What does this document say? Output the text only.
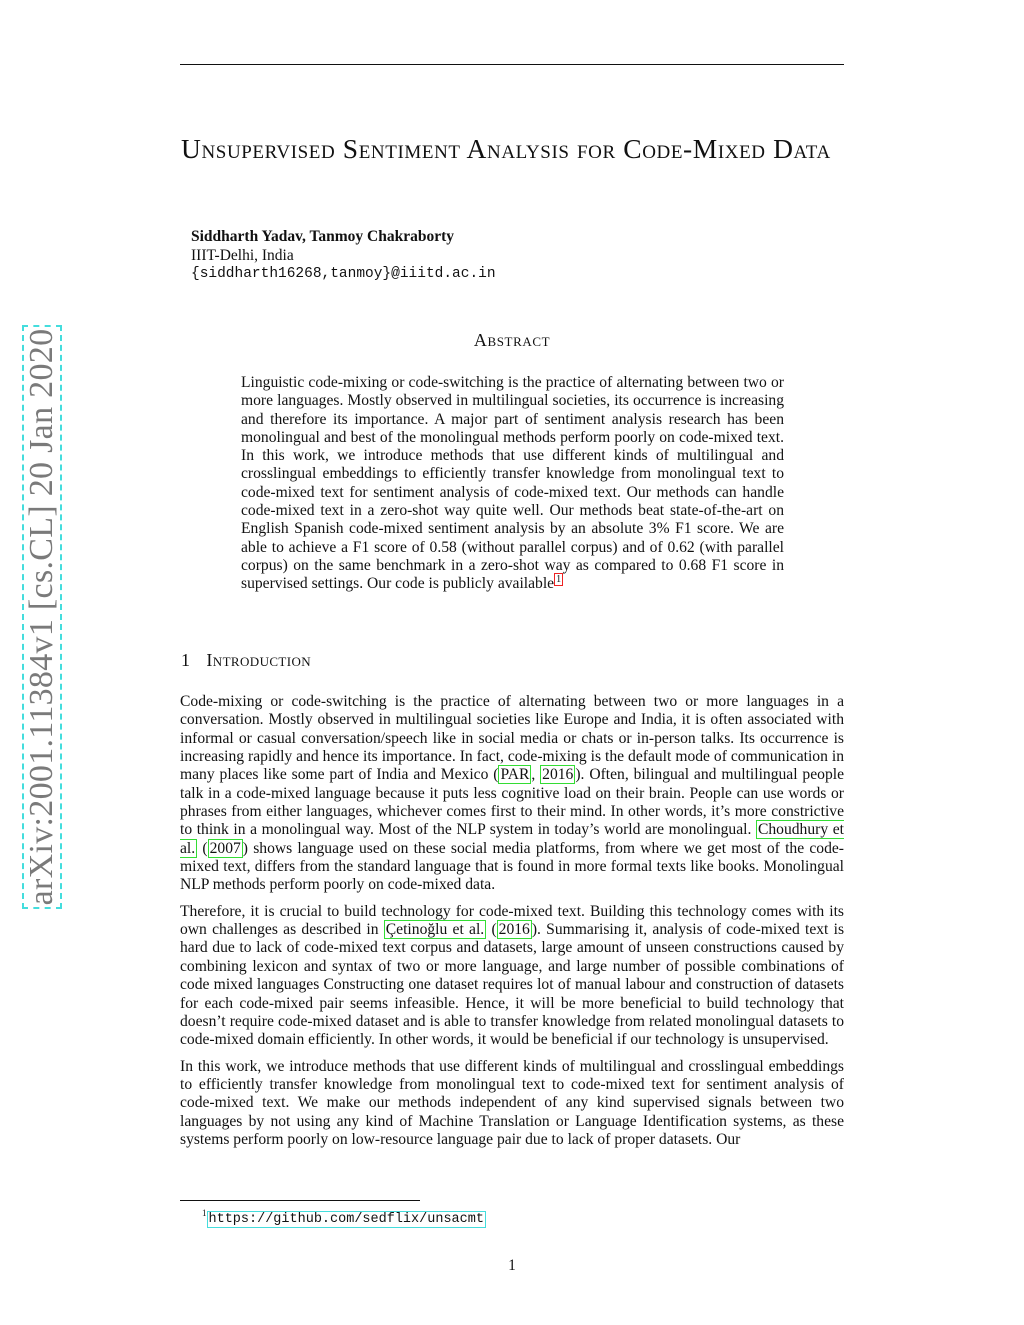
arXiv:2001.11384v1 [cs.CL] 20 Jan 2020
Unsupervised Sentiment Analysis for Code-Mixed Data
Siddharth Yadav, Tanmoy Chakraborty
IIIT-Delhi, India
{siddharth16268,tanmoy}@iiitd.ac.in
Abstract

Linguistic code-mixing or code-switching is the practice of alternating between two or more languages. Mostly observed in multilingual societies, its occurrence is increasing and therefore its importance. A major part of sentiment analysis research has been monolingual and best of the monolingual methods perform poorly on code-mixed text. In this work, we introduce methods that use different kinds of multilingual and crosslingual embeddings to efficiently transfer knowledge from monolingual text to code-mixed text for sentiment analysis of code-mixed text. Our methods can handle code-mixed text in a zero-shot way quite well. Our methods beat state-of-the-art on English Spanish code-mixed sentiment analysis by an absolute 3% F1 score. We are able to achieve a F1 score of 0.58 (without parallel corpus) and of 0.62 (with parallel corpus) on the same benchmark in a zero-shot way as compared to 0.68 F1 score in supervised settings. Our code is publicly available $^1$

1 Introduction

Code-mixing or code-switching is the practice of alternating between two or more languages in a conversation. Mostly observed in multilingual societies like Europe and India, it is often associated with informal or casual conversation/speech like in social media or chats or in-person talks. Its occurrence is increasing rapidly and hence its importance. In fact, code-mixing is the default mode of communication in many places like some part of India and Mexico ( PAR , 2016 ). Often, bilingual and multilingual people talk in a code-mixed language because it puts less cognitive load on their brain. People can use words or phrases from either languages, whichever comes first to their mind. In other words, it’s more constrictive to think in a monolingual way. Most of the NLP system in today’s world are monolingual. Choudhury et al. ( 2007 ) shows language used on these social media platforms, from where we get most of the code-mixed text, differs from the standard language that is found in more formal texts like books. Monolingual NLP methods perform poorly on code-mixed data.

Therefore, it is crucial to build technology for code-mixed text. Building this technology comes with its own challenges as described in Çetinoğlu et al. ( 2016 ). Summarising it, analysis of code-mixed text is hard due to lack of code-mixed text corpus and datasets, large amount of unseen constructions caused by combining lexicon and syntax of two or more language, and large number of possible combinations of code mixed languages Constructing one dataset requires lot of manual labour and construction of datasets for each code-mixed pair seems infeasible. Hence, it will be more beneficial to build technology that doesn’t require code-mixed dataset and is able to transfer knowledge from related monolingual datasets to code-mixed domain efficiently. In other words, it would be beneficial if our technology is unsupervised.

In this work, we introduce methods that use different kinds of multilingual and crosslingual embeddings to efficiently transfer knowledge from monolingual text to code-mixed text for sentiment analysis of code-mixed text. We make our methods independent of any kind supervised signals between two languages by not using any kind of Machine Translation or Language Identification systems, as these systems perform poorly on low-resource language pair due to lack of proper datasets. Our

$^1$ https://github.com/sedflix/unsacmt
1
